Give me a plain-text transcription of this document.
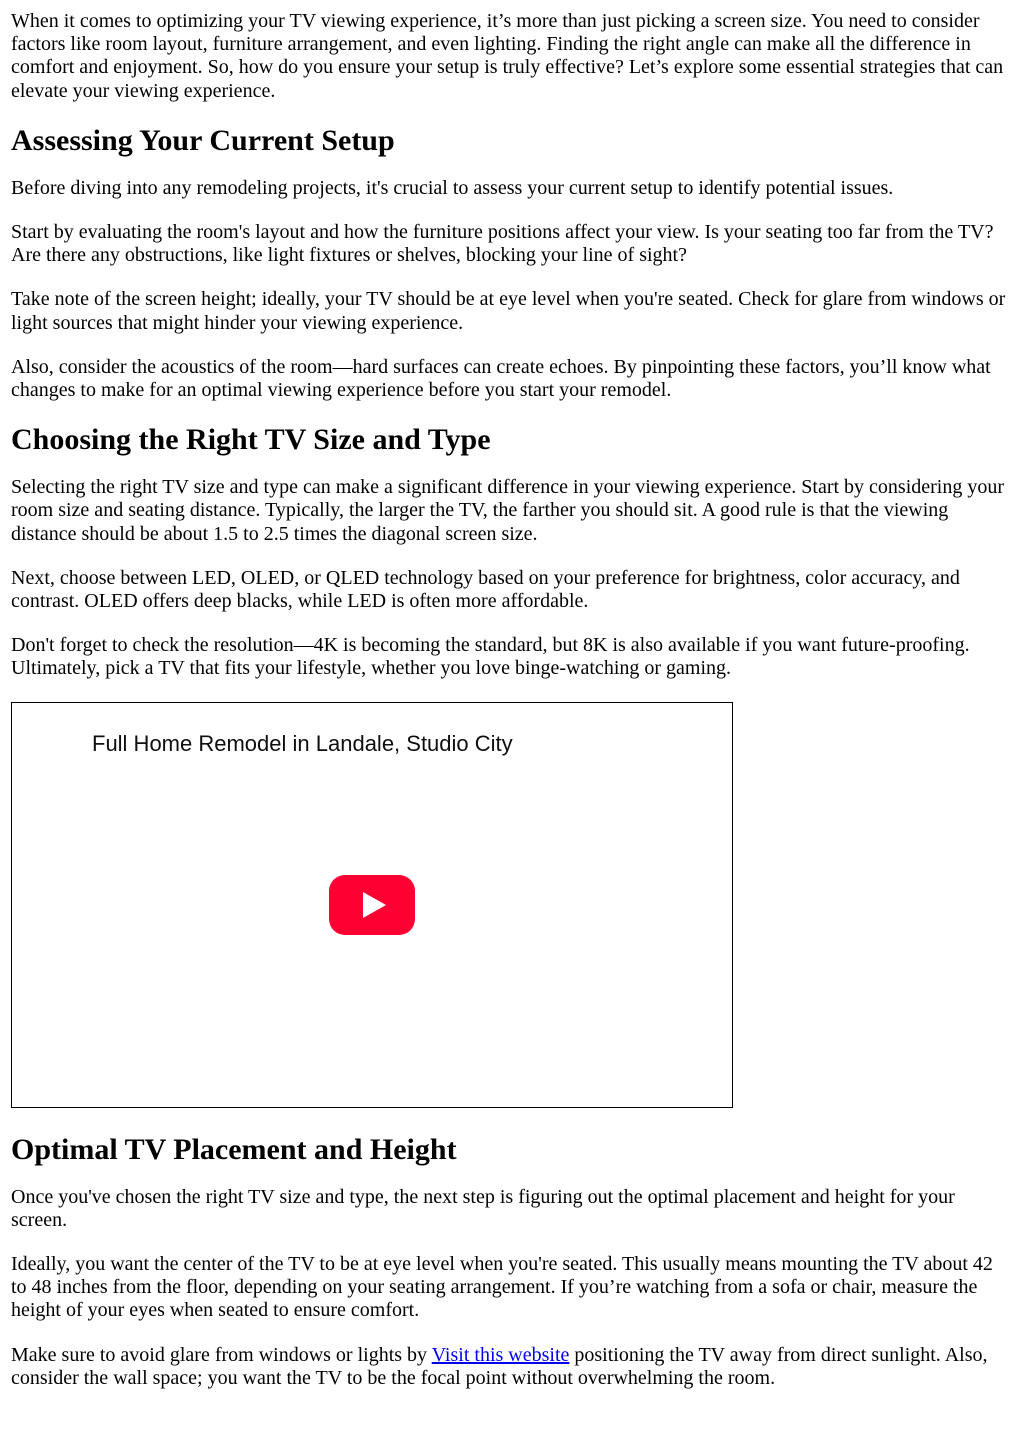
When it comes to optimizing your TV viewing experience, it’s more than just picking a screen size. You need to consider factors like room layout, furniture arrangement, and even lighting. Finding the right angle can make all the difference in comfort and enjoyment. So, how do you ensure your setup is truly effective? Let’s explore some essential strategies that can elevate your viewing experience.

Assessing Your Current Setup

Before diving into any remodeling projects, it's crucial to assess your current setup to identify potential issues.

Start by evaluating the room's layout and how the furniture positions affect your view. Is your seating too far from the TV? Are there any obstructions, like light fixtures or shelves, blocking your line of sight?

Take note of the screen height; ideally, your TV should be at eye level when you're seated. Check for glare from windows or light sources that might hinder your viewing experience.

Also, consider the acoustics of the room—hard surfaces can create echoes. By pinpointing these factors, you’ll know what changes to make for an optimal viewing experience before you start your remodel.

Choosing the Right TV Size and Type

Selecting the right TV size and type can make a significant difference in your viewing experience. Start by considering your room size and seating distance. Typically, the larger the TV, the farther you should sit. A good rule is that the viewing distance should be about 1.5 to 2.5 times the diagonal screen size.

Next, choose between LED, OLED, or QLED technology based on your preference for brightness, color accuracy, and contrast. OLED offers deep blacks, while LED is often more affordable.

Don't forget to check the resolution—4K is becoming the standard, but 8K is also available if you want future-proofing. Ultimately, pick a TV that fits your lifestyle, whether you love binge-watching or gaming.

Full Home Remodel in Landale, Studio City
Optimal TV Placement and Height

Once you've chosen the right TV size and type, the next step is figuring out the optimal placement and height for your screen.

Ideally, you want the center of the TV to be at eye level when you're seated. This usually means mounting the TV about 42 to 48 inches from the floor, depending on your seating arrangement. If you’re watching from a sofa or chair, measure the height of your eyes when seated to ensure comfort.

Make sure to avoid glare from windows or lights by Visit this website positioning the TV away from direct sunlight. Also, consider the wall space; you want the TV to be the focal point without overwhelming the room.
